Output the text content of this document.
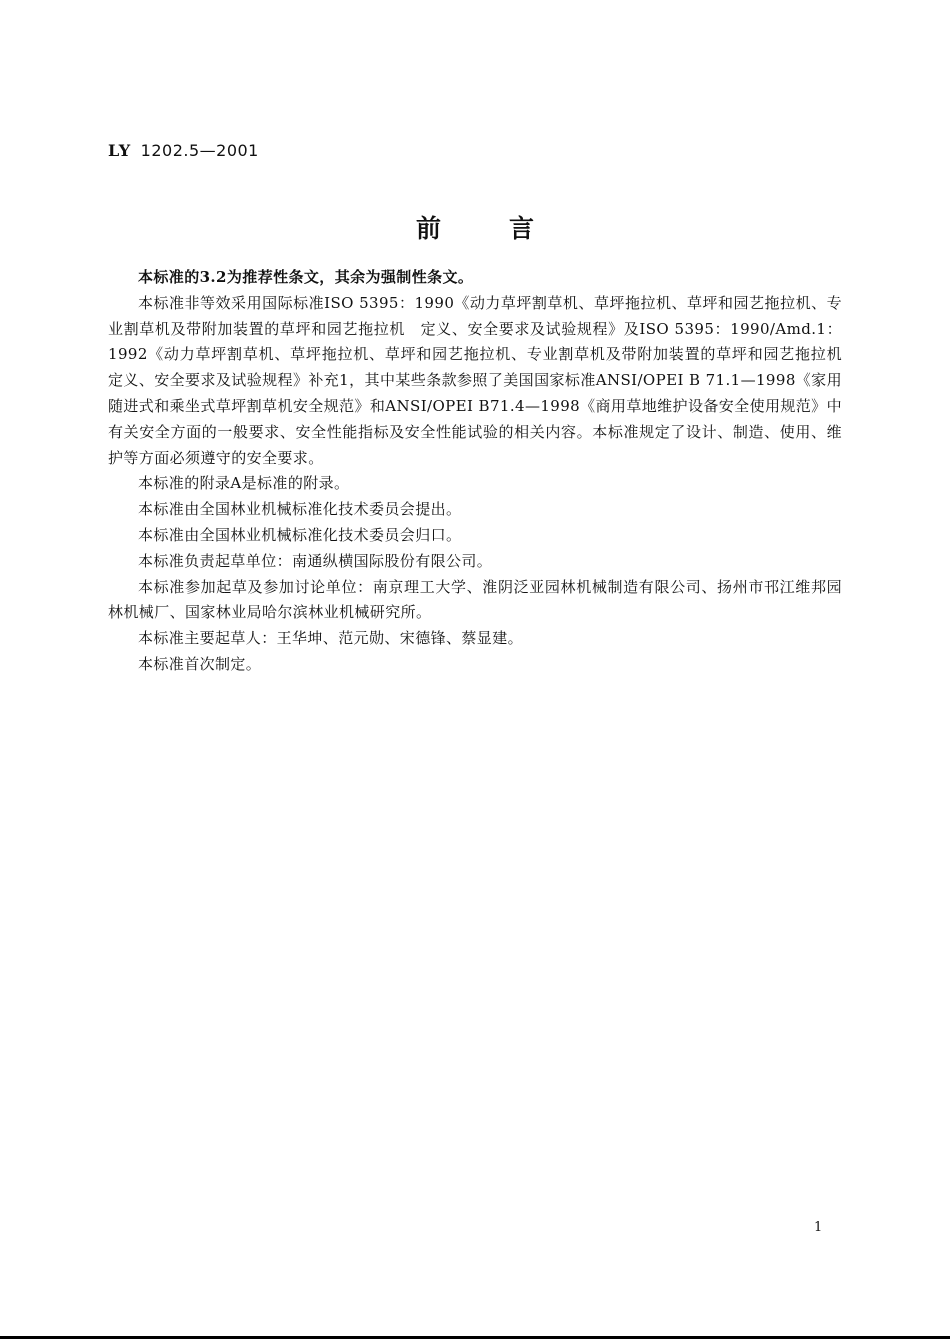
LY 1202.5—2001
前	言

本标准的3.2为推荐性条文，其余为强制性条文。

本标准非等效采用国际标准ISO 5395：1990《动力草坪割草机、草坪拖拉机、草坪和园艺拖拉机、专业割草机及带附加装置的草坪和园艺拖拉机　定义、安全要求及试验规程》及ISO 5395：1990/Amd.1：1992《动力草坪割草机、草坪拖拉机、草坪和园艺拖拉机、专业割草机及带附加装置的草坪和园艺拖拉机　定义、安全要求及试验规程》补充1，其中某些条款参照了美国国家标准ANSI/OPEI B 71.1—1998《家用随进式和乘坐式草坪割草机安全规范》和ANSI/OPEI B71.4—1998《商用草地维护设备安全使用规范》中有关安全方面的一般要求、安全性能指标及安全性能试验的相关内容。本标准规定了设计、制造、使用、维护等方面必须遵守的安全要求。

本标准的附录A是标准的附录。

本标准由全国林业机械标准化技术委员会提出。

本标准由全国林业机械标准化技术委员会归口。

本标准负责起草单位：南通纵横国际股份有限公司。

本标准参加起草及参加讨论单位：南京理工大学、淮阴泛亚园林机械制造有限公司、扬州市邗江维邦园林机械厂、国家林业局哈尔滨林业机械研究所。

本标准主要起草人：王华坤、范元勋、宋德锋、蔡显建。

本标准首次制定。

1
